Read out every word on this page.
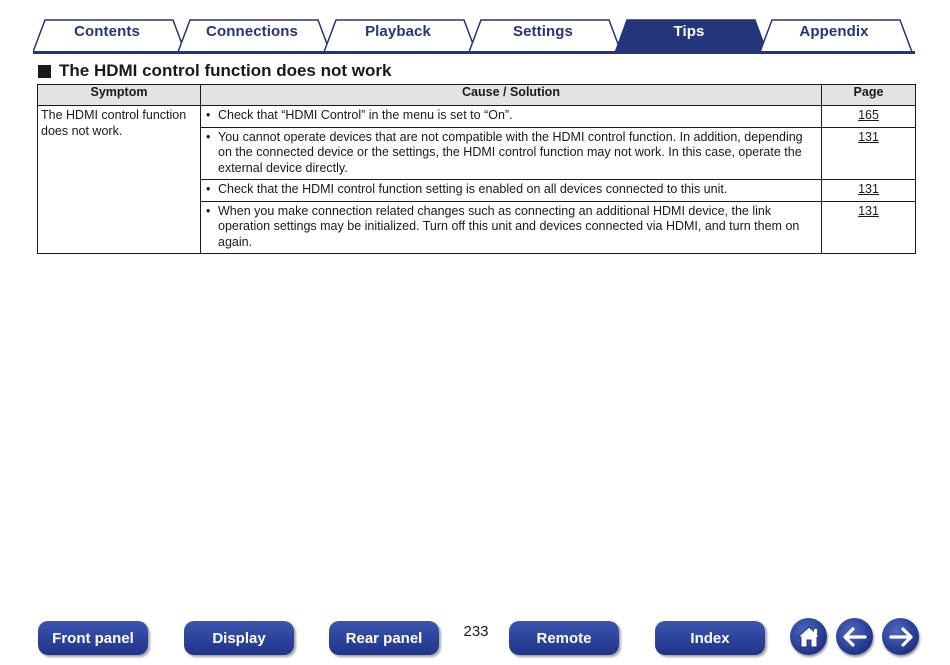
Contents	Connections	Playback	Settings	Tips	Appendix
The HDMI control function does not work
Symptom	Cause / Solution	Page
The HDMI control function does not work.	• Check that “HDMI Control” in the menu is set to “On”.	165

	• You cannot operate devices that are not compatible with the HDMI control function. In addition, depending on the connected device or the settings, the HDMI control function may not work. In this case, operate the external device directly.	131

	• Check that the HDMI control function setting is enabled on all devices connected to this unit.	131

	• When you make connection related changes such as connecting an additional HDMI device, the link operation settings may be initialized. Turn off this unit and devices connected via HDMI, and turn them on again.	131
Front panel	Display	Rear panel	233	Remote	Index
